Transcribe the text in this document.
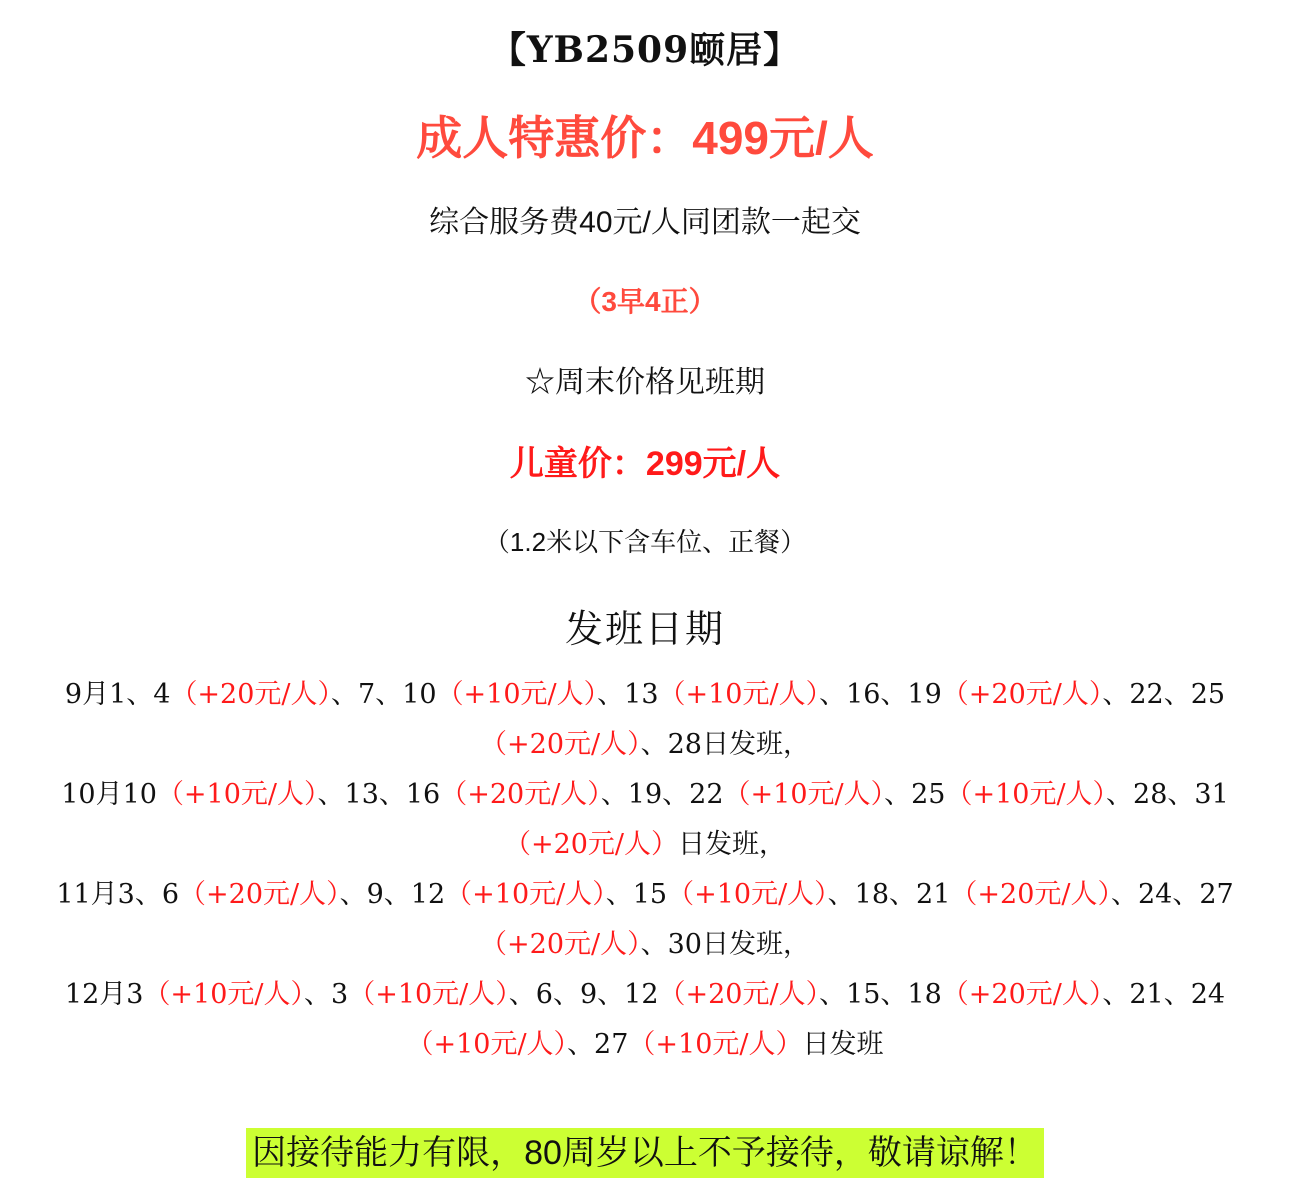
【YB2509颐居】
成人特惠价：499元/人
综合服务费40元/人同团款一起交
（3早4正）
☆周末价格见班期
儿童价：299元/人
（1.2米以下含车位、正餐）
发班日期
9月1、4（+20元/人）、7、10（+10元/人）、13（+10元/人）、16、19（+20元/人）、22、25（+20元/人）、28日发班，
10月10（+10元/人）、13、16（+20元/人）、19、22（+10元/人）、25（+10元/人）、28、31（+20元/人）日发班，
11月3、6（+20元/人）、9、12（+10元/人）、15（+10元/人）、18、21（+20元/人）、24、27（+20元/人）、30日发班，
12月3（+10元/人）、3（+10元/人）、6、9、12（+20元/人）、15、18（+20元/人）、21、24（+10元/人）、27（+10元/人）日发班
因接待能力有限，80周岁以上不予接待，敬请谅解！
